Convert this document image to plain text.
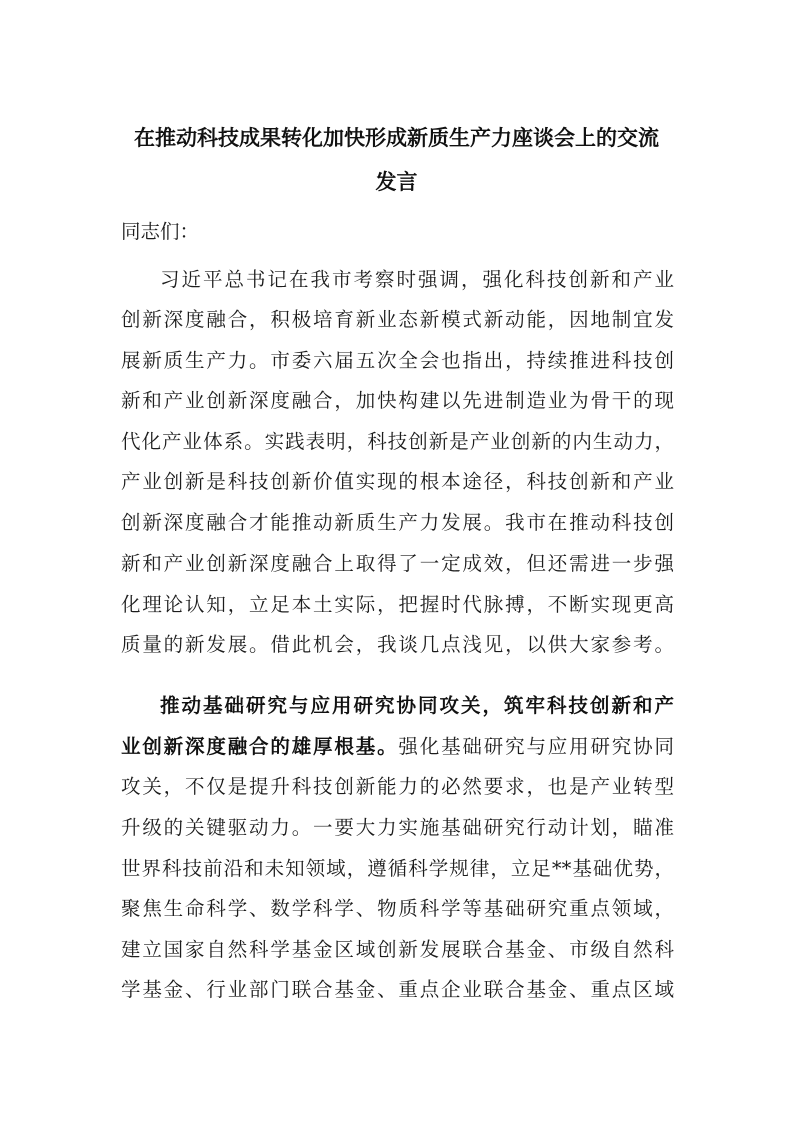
在推动科技成果转化加快形成新质生产力座谈会上的交流
发言
同志们：
习近平总书记在我市考察时强调，强化科技创新和产业
创新深度融合，积极培育新业态新模式新动能，因地制宜发
展新质生产力。市委六届五次全会也指出，持续推进科技创
新和产业创新深度融合，加快构建以先进制造业为骨干的现
代化产业体系。实践表明，科技创新是产业创新的内生动力，
产业创新是科技创新价值实现的根本途径，科技创新和产业
创新深度融合才能推动新质生产力发展。我市在推动科技创
新和产业创新深度融合上取得了一定成效，但还需进一步强
化理论认知，立足本土实际，把握时代脉搏，不断实现更高
质量的新发展。借此机会，我谈几点浅见，以供大家参考。
推动基础研究与应用研究协同攻关，筑牢科技创新和产
业创新深度融合的雄厚根基。强化基础研究与应用研究协同
攻关，不仅是提升科技创新能力的必然要求，也是产业转型
升级的关键驱动力。一要大力实施基础研究行动计划，瞄准
世界科技前沿和未知领域，遵循科学规律，立足**基础优势，
聚焦生命科学、数学科学、物质科学等基础研究重点领域，
建立国家自然科学基金区域创新发展联合基金、市级自然科
学基金、行业部门联合基金、重点企业联合基金、重点区域
